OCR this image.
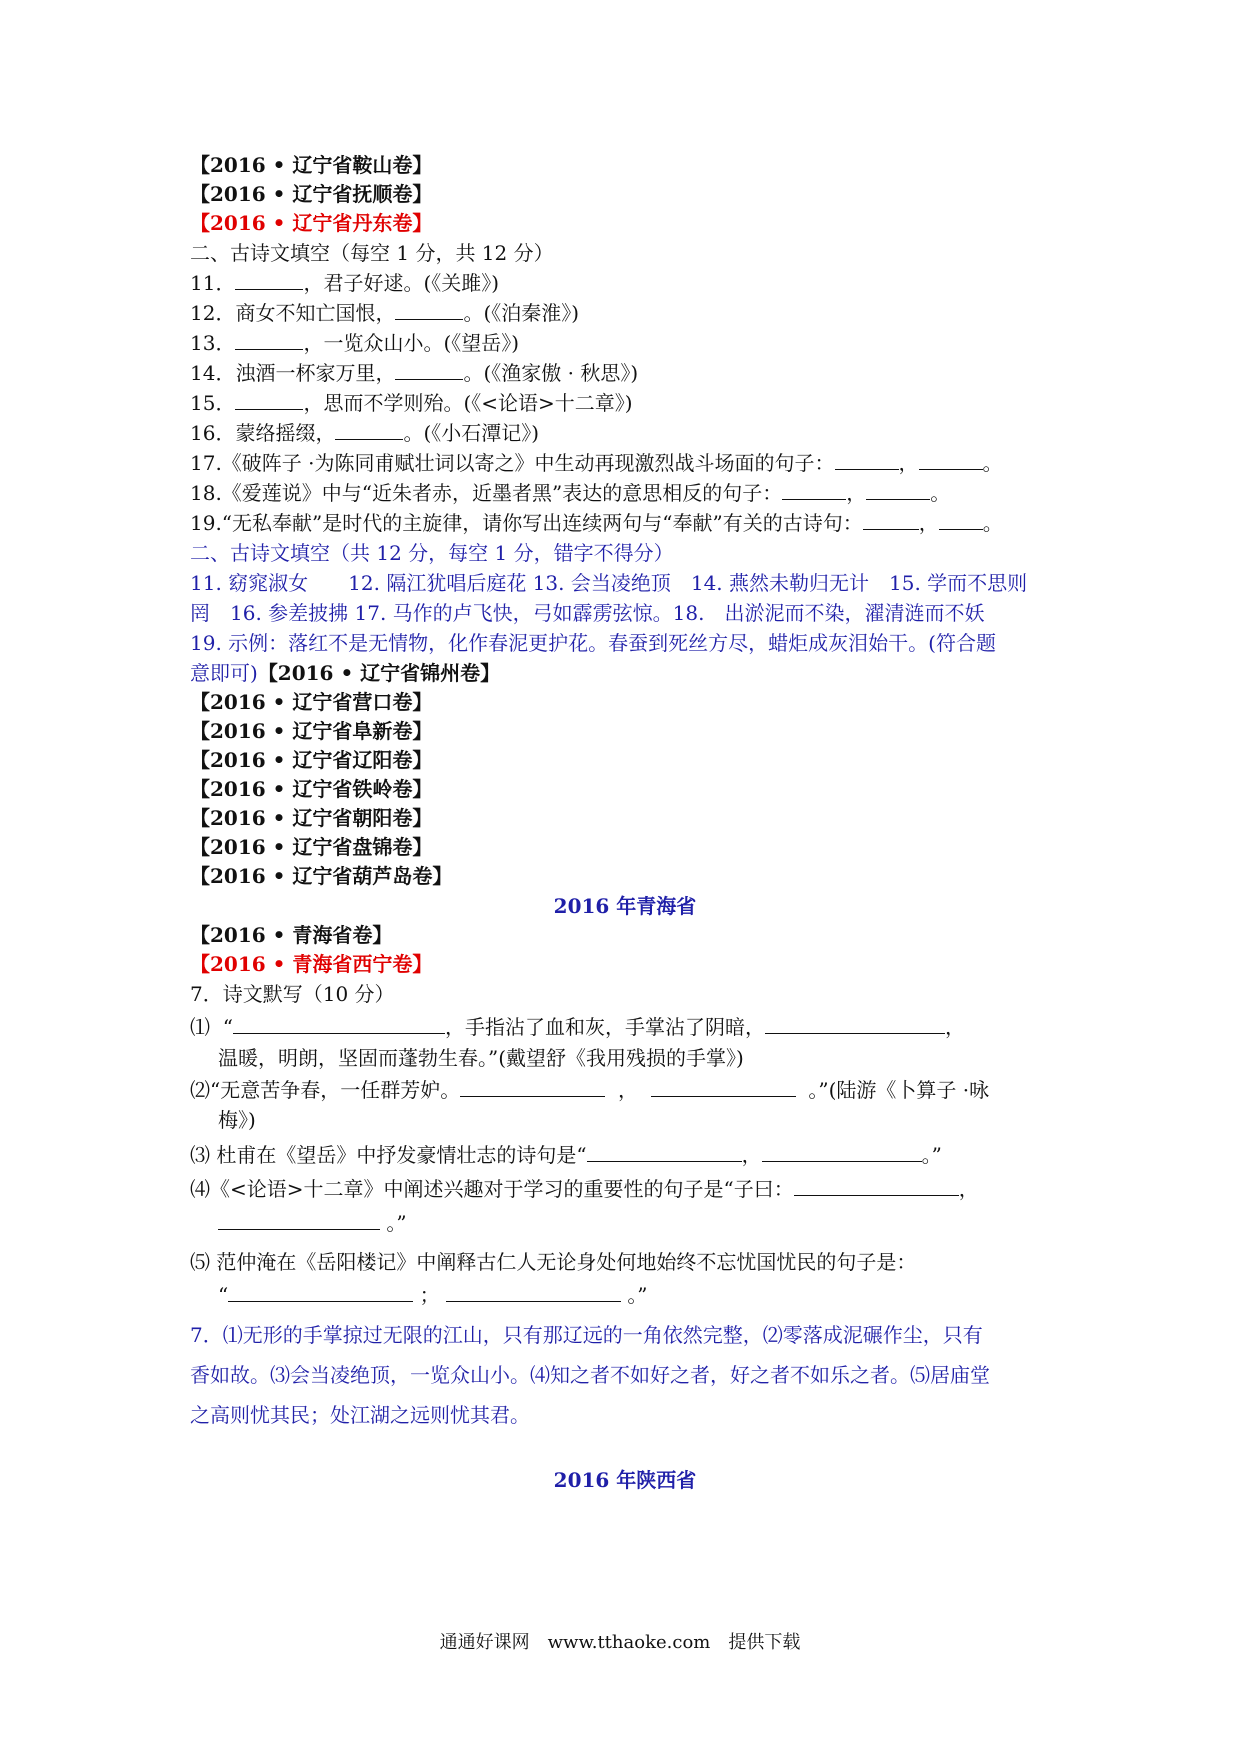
【2016 • 辽宁省鞍山卷】
【2016 • 辽宁省抚顺卷】
【2016 • 辽宁省丹东卷】
二、古诗文填空（每空 1 分，共 12 分）
11．	，君子好逑。(《关雎》)
12．商女不知亡国恨，	。(《泊秦淮》)
13．	，一览众山小。(《望岳》)
14．浊酒一杯家万里，	。(《渔家傲 · 秋思》)
15．	，思而不学则殆。(《<论语>十二章》)
16．蒙络摇缀，	。(《小石潭记》)
17.《破阵子 ·为陈同甫赋壮词以寄之》中生动再现激烈战斗场面的句子：	，	。
18.《爱莲说》中与“近朱者赤，近墨者黑”表达的意思相反的句子：	，	。
19.“无私奉献”是时代的主旋律，请你写出连续两句与“奉献”有关的古诗句：	， 。
二、古诗文填空（共 12 分，每空 1 分，错字不得分）
11. 窈窕淑女　　12. 隔江犹唱后庭花 13. 会当凌绝顶　14. 燕然未勒归无计　15. 学而不思则
罔　16. 参差披拂 17. 马作的卢飞快，弓如霹雳弦惊。18.　出淤泥而不染，濯清涟而不妖
19. 示例：落红不是无情物，化作春泥更护花。春蚕到死丝方尽，蜡炬成灰泪始干。(符合题
意即可)【2016 • 辽宁省锦州卷】
【2016 • 辽宁省营口卷】
【2016 • 辽宁省阜新卷】
【2016 • 辽宁省辽阳卷】
【2016 • 辽宁省铁岭卷】
【2016 • 辽宁省朝阳卷】
【2016 • 辽宁省盘锦卷】
【2016 • 辽宁省葫芦岛卷】
2016 年青海省
【2016 • 青海省卷】
【2016 • 青海省西宁卷】
7．诗文默写（10 分）
⑴ “	，手指沾了血和灰，手掌沾了阴暗，	，
温暖，明朗，坚固而蓬勃生春。”(戴望舒《我用残损的手掌》)
⑵“无意苦争春，一任群芳妒。	，	。”(陆游《卜算子 ·咏
梅》)
⑶ 杜甫在《望岳》中抒发豪情壮志的诗句是“	，	。”
⑷《<论语>十二章》中阐述兴趣对于学习的重要性的句子是“子曰：	，
。”
⑸ 范仲淹在《岳阳楼记》中阐释古仁人无论身处何地始终不忘忧国忧民的句子是：
“	；	。”
7．⑴无形的手掌掠过无限的江山，只有那辽远的一角依然完整，⑵零落成泥碾作尘，只有
香如故。⑶会当凌绝顶，一览众山小。⑷知之者不如好之者，好之者不如乐之者。⑸居庙堂
之高则忧其民；处江湖之远则忧其君。
2016 年陕西省
通通好课网　www.tthaoke.com　提供下载
